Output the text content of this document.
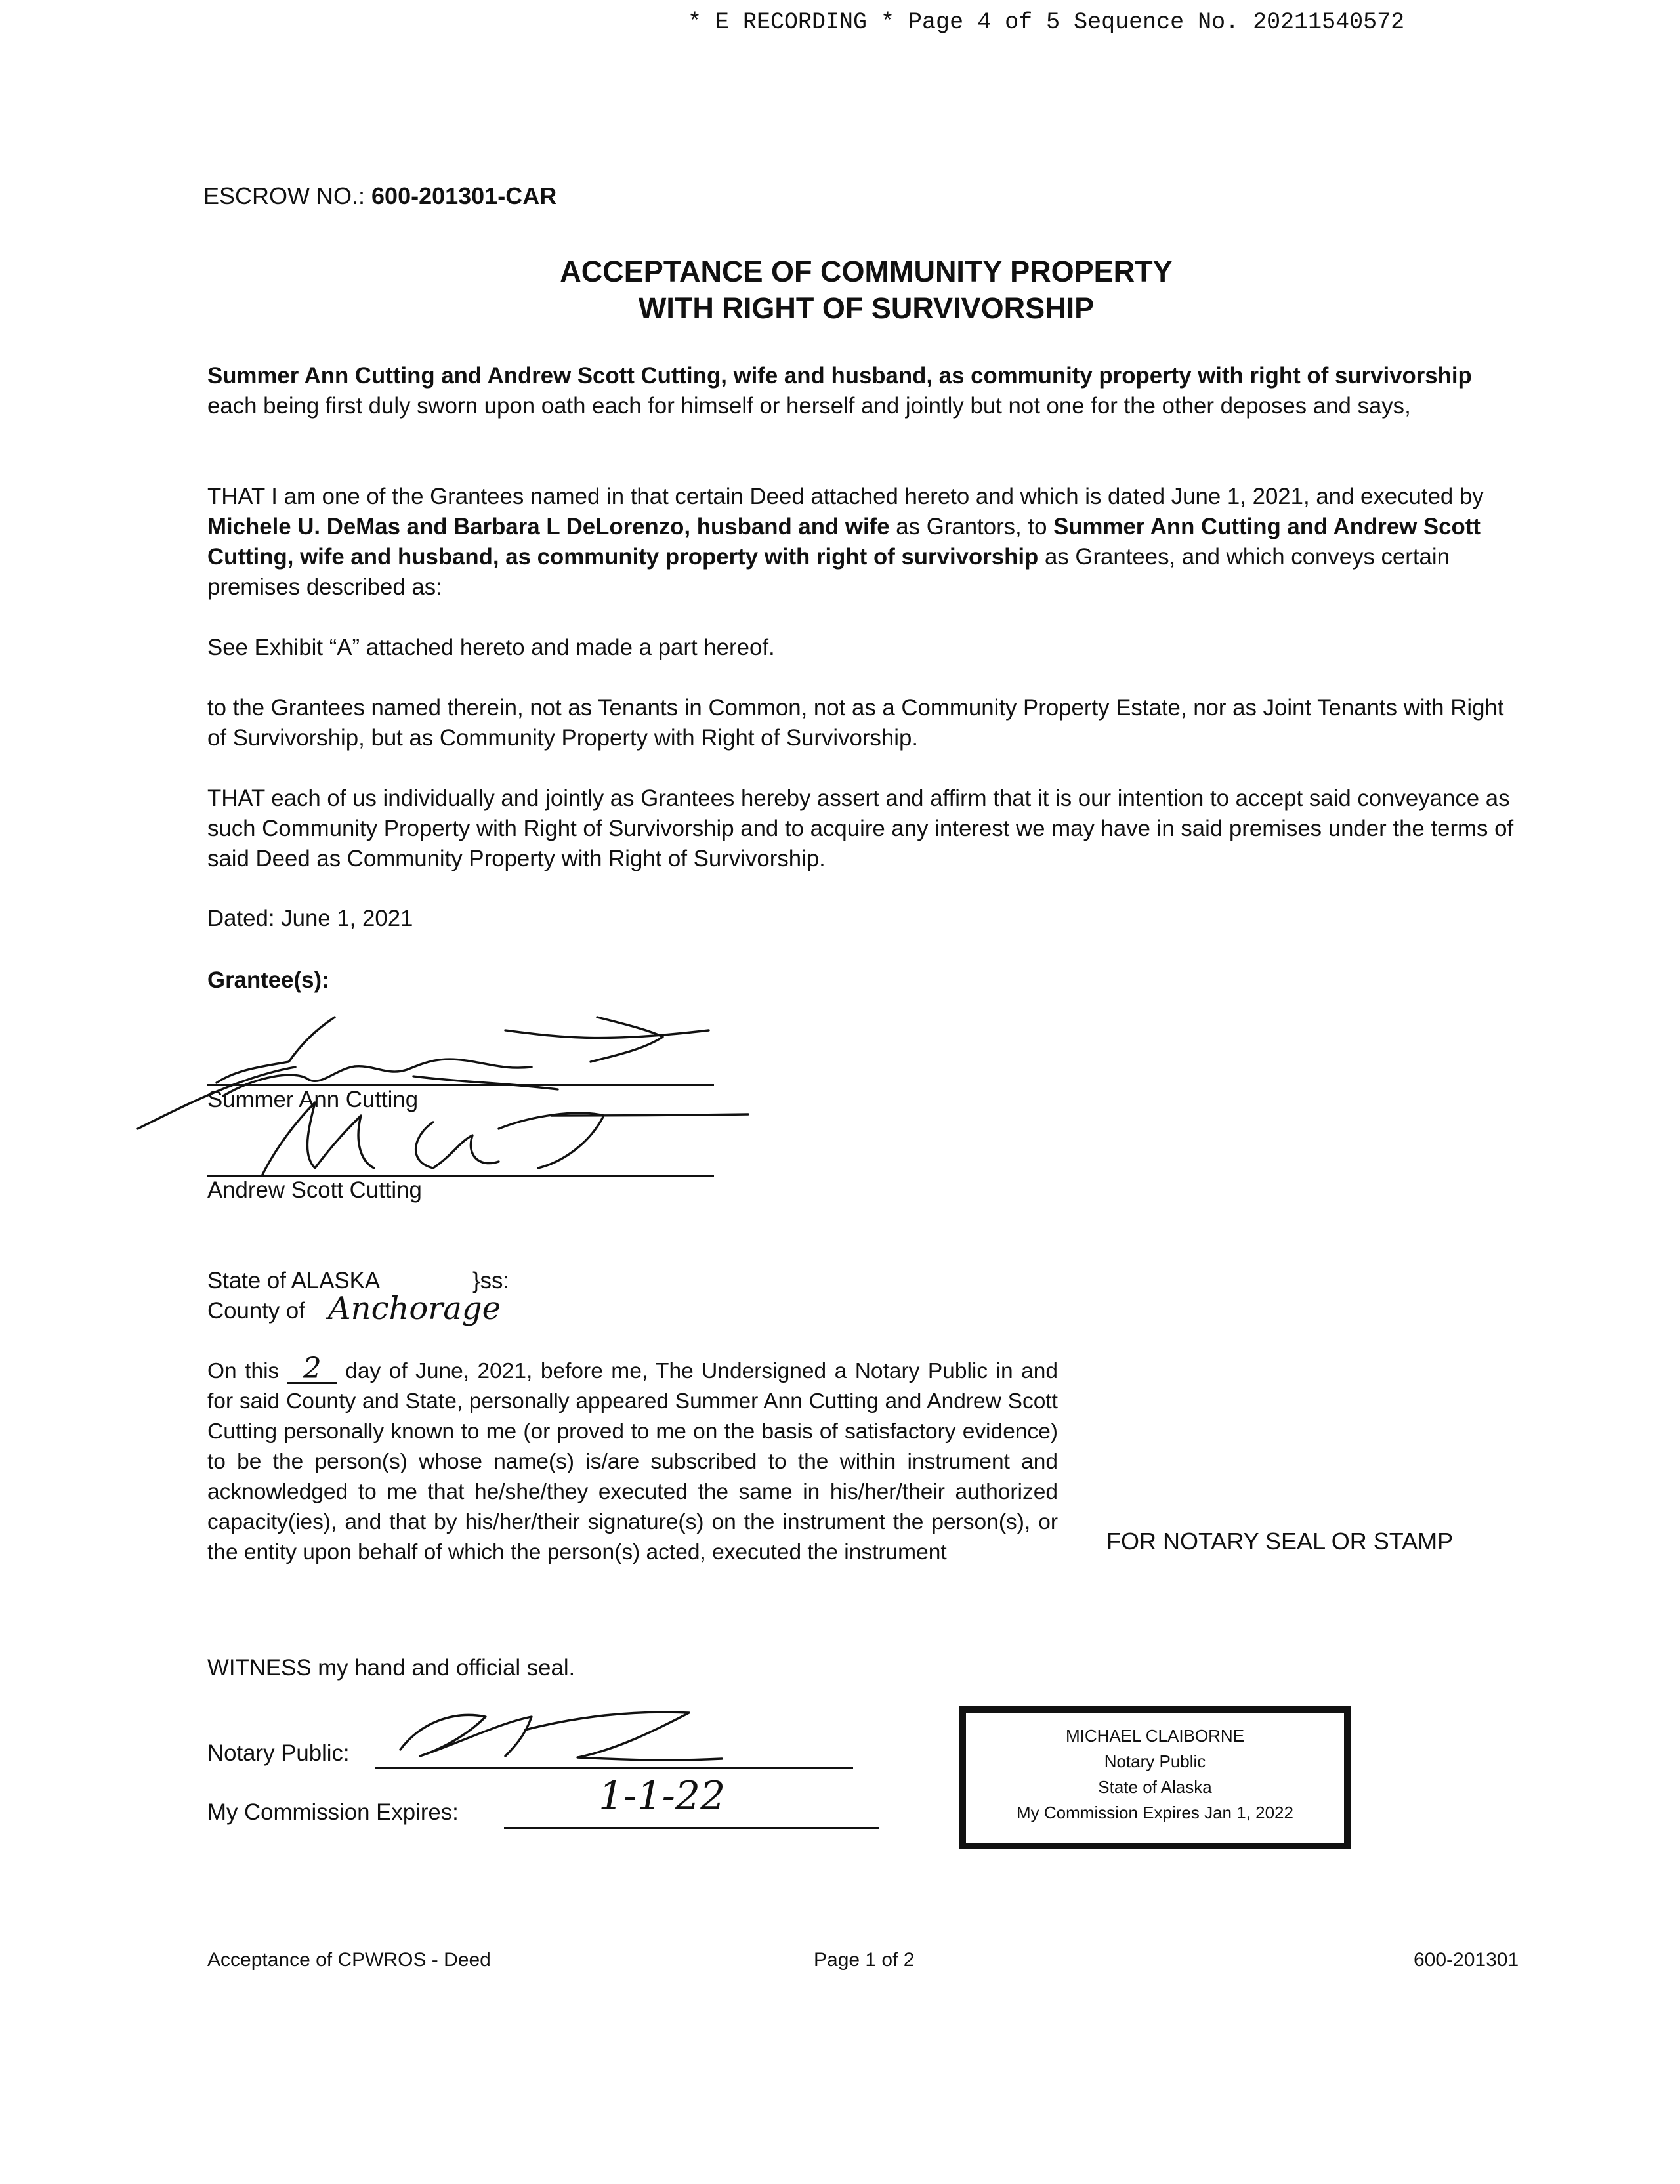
* E RECORDING * Page 4 of 5 Sequence No. 20211540572
ESCROW NO.: 600-201301-CAR
ACCEPTANCE OF COMMUNITY PROPERTY
WITH RIGHT OF SURVIVORSHIP

Summer Ann Cutting and Andrew Scott Cutting, wife and husband, as community property with right of survivorship each being first duly sworn upon oath each for himself or herself and jointly but not one for the other deposes and says,

THAT I am one of the Grantees named in that certain Deed attached hereto and which is dated June 1, 2021, and executed by Michele U. DeMas and Barbara L DeLorenzo, husband and wife as Grantors, to Summer Ann Cutting and Andrew Scott Cutting, wife and husband, as community property with right of survivorship as Grantees, and which conveys certain premises described as:

See Exhibit “A” attached hereto and made a part hereof.

to the Grantees named therein, not as Tenants in Common, not as a Community Property Estate, nor as Joint Tenants with Right of Survivorship, but as Community Property with Right of Survivorship.

THAT each of us individually and jointly as Grantees hereby assert and affirm that it is our intention to accept said conveyance as such Community Property with Right of Survivorship and to acquire any interest we may have in said premises under the terms of said Deed as Community Property with Right of Survivorship.

Dated: June 1, 2021
Grantee(s):
Summer Ann Cutting
Andrew Scott Cutting
State of ALASKA	}ss:
County of Anchorage

On this 2 day of June, 2021, before me, The Undersigned a Notary Public in and for said County and State, personally appeared Summer Ann Cutting and Andrew Scott Cutting personally known to me (or proved to me on the basis of satisfactory evidence) to be the person(s) whose name(s) is/are subscribed to the within instrument and acknowledged to me that he/she/they executed the same in his/her/their authorized capacity(ies), and that by his/her/their signature(s) on the instrument the person(s), or the entity upon behalf of which the person(s) acted, executed the instrument	FOR NOTARY SEAL OR STAMP
WITNESS my hand and official seal.
Notary Public:
My Commission Expires:	1-1-22
MICHAEL CLAIBORNE
Notary Public
State of Alaska
My Commission Expires Jan 1, 2022
Acceptance of CPWROS - Deed	Page 1 of 2	600-201301
